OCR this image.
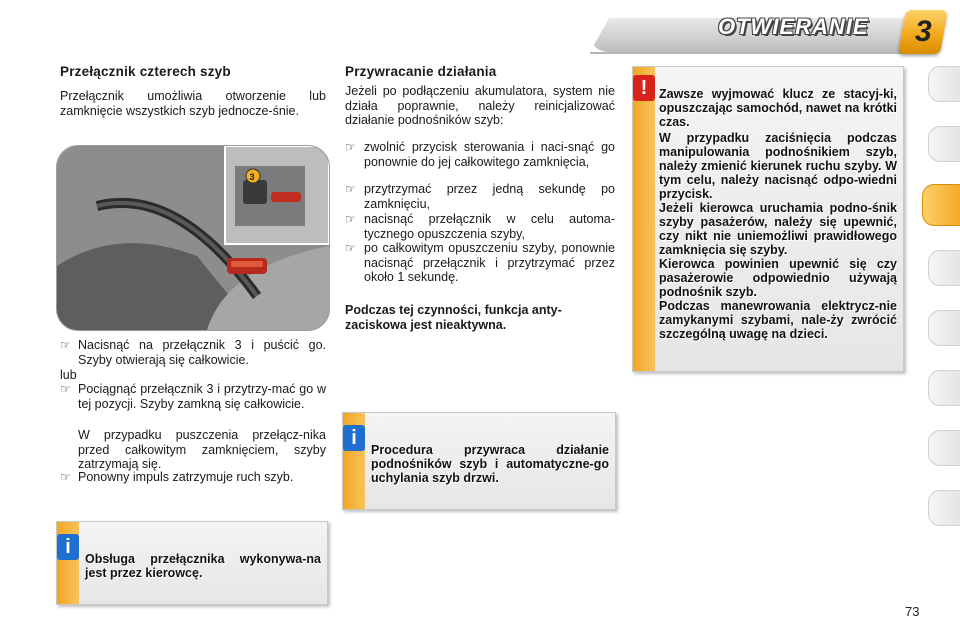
OTWIERANIE 3
Przełącznik czterech szyb
Przełącznik umożliwia otworzenie lub zamknięcie wszystkich szyb jednocze-śnie.
3
☞ Nacisnąć na przełącznik 3 i puścić go. Szyby otwierają się całkowicie.
lub
☞ Pociągnąć przełącznik 3 i przytrzy-mać go w tej pozycji. Szyby zamkną się całkowicie.
W przypadku puszczenia przełącz-nika przed całkowitym zamknięciem, szyby zatrzymają się.
☞ Ponowny impuls zatrzymuje ruch szyb.
i
Obsługa przełącznika wykonywa-na jest przez kierowcę.
Przywracanie działania
Jeżeli po podłączeniu akumulatora, system nie działa poprawnie, należy reinicjalizować działanie podnośników szyb:
☞ zwolnić przycisk sterowania i naci-snąć go ponownie do jej całkowitego zamknięcia,
☞ przytrzymać przez jedną sekundę po zamknięciu,
☞ nacisnąć przełącznik w celu automa-tycznego opuszczenia szyby,
☞ po całkowitym opuszczeniu szyby, ponownie nacisnąć przełącznik i przytrzymać przez około 1 sekundę.
Podczas tej czynności, funkcja anty-zaciskowa jest nieaktywna.
i
Procedura przywraca działanie podnośników szyb i automatyczne-go uchylania szyb drzwi.
! Zawsze wyjmować klucz ze stacyj-ki, opuszczając samochód, nawet na krótki czas.
W przypadku zaciśnięcia podczas manipulowania podnośnikiem szyb, należy zmienić kierunek ruchu szyby. W tym celu, należy nacisnąć odpo-wiedni przycisk.
Jeżeli kierowca uruchamia podno-śnik szyby pasażerów, należy się upewnić, czy nikt nie uniemożliwi prawidłowego zamknięcia się szyby.
Kierowca powinien upewnić się czy pasażerowie odpowiednio używają podnośnik szyb.
Podczas manewrowania elektrycz-nie zamykanymi szybami, nale-ży zwrócić szczególną uwagę na dzieci.
73
